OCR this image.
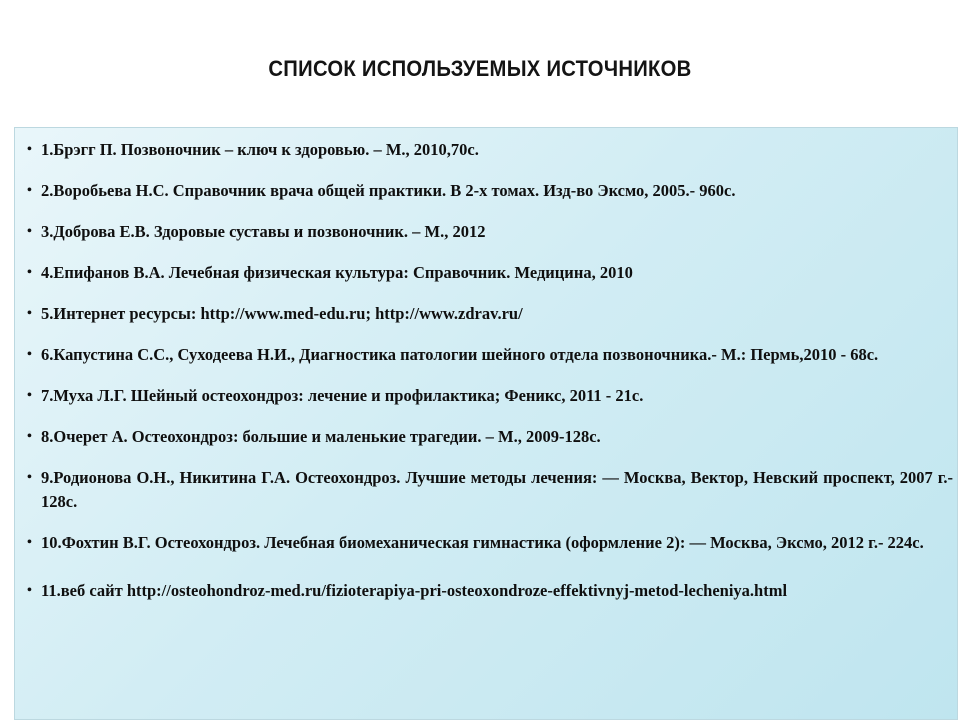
СПИСОК ИСПОЛЬЗУЕМЫХ ИСТОЧНИКОВ
• 1.Брэгг П. Позвоночник – ключ к здоровью. – М., 2010,70с.
• 2.Воробьева Н.С. Справочник врача общей практики. В 2-х томах. Изд-во Эксмо, 2005.- 960с.
• 3.Доброва Е.В. Здоровые суставы и позвоночник. – М., 2012
• 4.Епифанов В.А. Лечебная физическая культура: Справочник. Медицина, 2010
• 5.Интернет ресурсы: http://www.med-edu.ru; http://www.zdrav.ru/
• 6.Капустина С.С., Суходеева Н.И., Диагностика патологии шейного отдела позвоночника.- М.: Пермь,2010 - 68с.
• 7.Муха Л.Г. Шейный остеохондроз: лечение и профилактика; Феникс, 2011 - 21с.
• 8.Очерет А. Остеохондроз: большие и маленькие трагедии. – М., 2009-128с.
• 9.Родионова О.Н., Никитина Г.А. Остеохондроз. Лучшие методы лечения: — Москва, Вектор, Невский проспект, 2007 г.- 128с.
• 10.Фохтин В.Г. Остеохондроз. Лечебная биомеханическая гимнастика (оформление 2): — Москва, Эксмо, 2012 г.- 224с.
• 11.веб сайт http://osteohondroz-med.ru/fizioterapiya-pri-osteoxondroze-effektivnyj-metod-lecheniya.html
